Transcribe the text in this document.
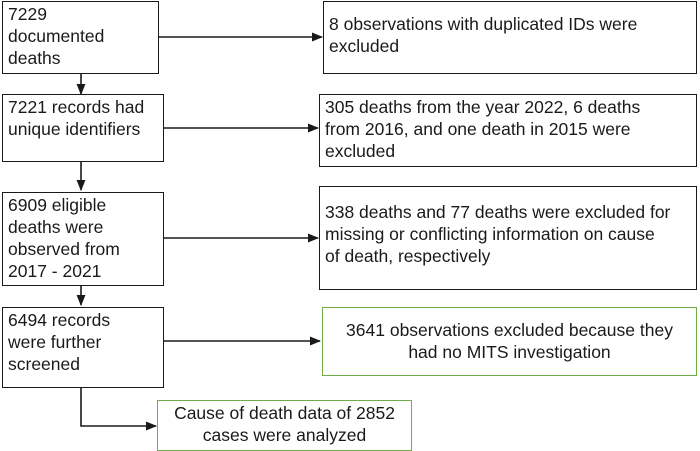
7229
documented
deaths
7221 records had
unique identifiers
6909 eligible
deaths were
observed from
2017 - 2021
6494 records
were further
screened
8 observations with duplicated IDs were
excluded
305 deaths from the year 2022, 6 deaths
from 2016, and one death in 2015 were
excluded
338 deaths and 77 deaths were excluded for
missing or conflicting information on cause
of death, respectively
3641 observations excluded because they
had no MITS investigation
Cause of death data of 2852
cases were analyzed
